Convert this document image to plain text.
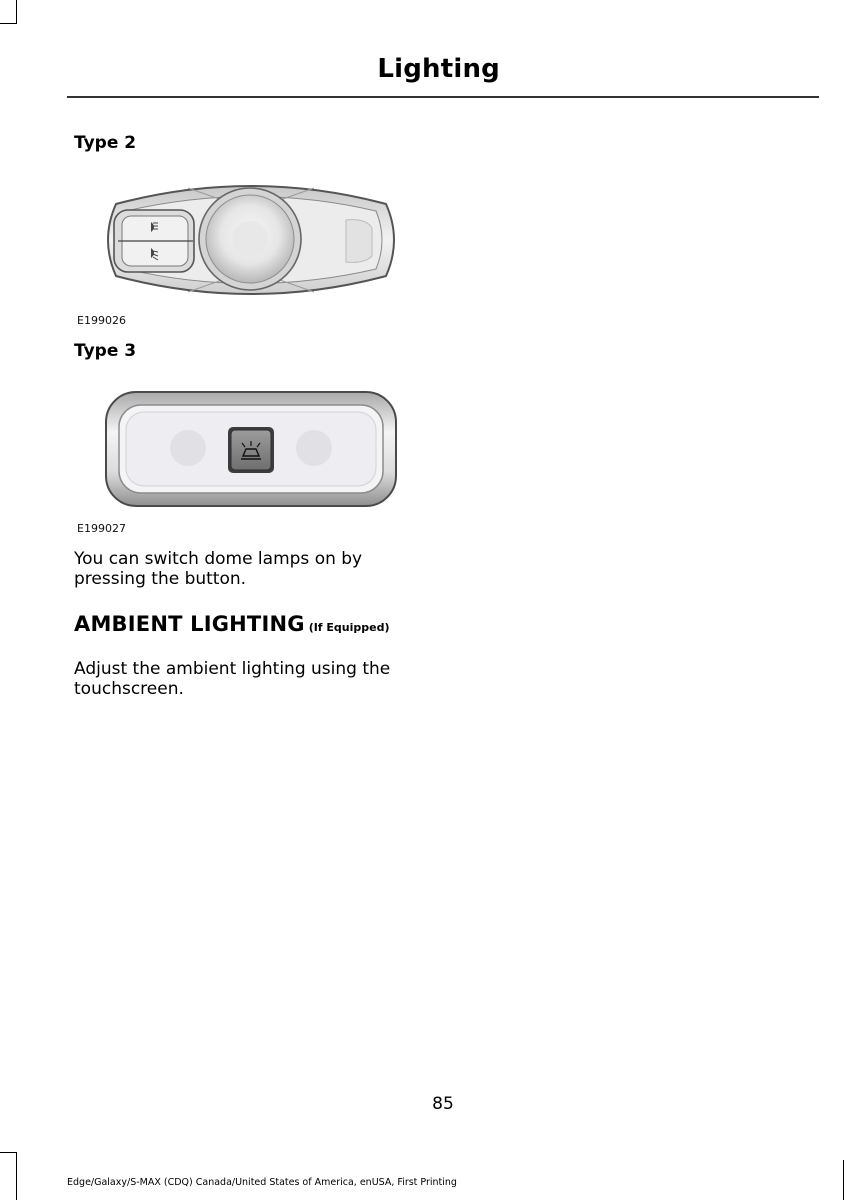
Lighting
Type 2
E199026
Type 3
E199027
You can switch dome lamps on by pressing the button.
AMBIENT LIGHTING (If Equipped)
Adjust the ambient lighting using the touchscreen.
85
Edge/Galaxy/S-MAX (CDQ) Canada/United States of America, enUSA, First Printing
